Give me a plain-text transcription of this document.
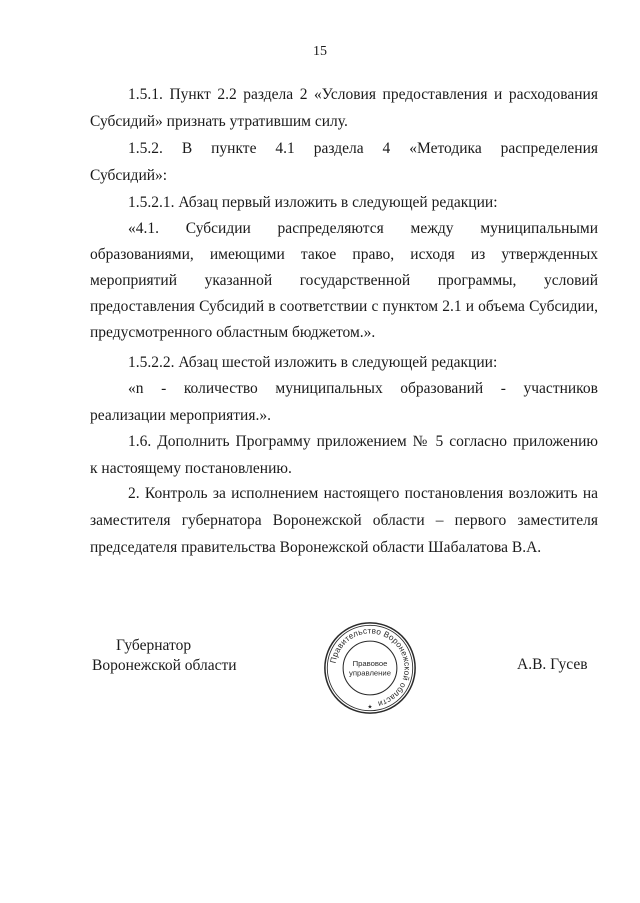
15
1.5.1. Пункт 2.2 раздела 2 «Условия предоставления и расходования
Субсидий» признать утратившим силу.
1.5.2. В пункте 4.1 раздела 4 «Методика распределения
Субсидий»:
1.5.2.1. Абзац первый изложить в следующей редакции:
«4.1. Субсидии распределяются между муниципальными
образованиями, имеющими такое право, исходя из утвержденных
мероприятий указанной государственной программы, условий
предоставления Субсидий в соответствии с пунктом 2.1 и объема Субсидии,
предусмотренного областным бюджетом.».
1.5.2.2. Абзац шестой изложить в следующей редакции:
«n - количество муниципальных образований - участников
реализации мероприятия.».
1.6. Дополнить Программу приложением № 5 согласно приложению
к настоящему постановлению.
2. Контроль за исполнением настоящего постановления возложить на
заместителя губернатора Воронежской области – первого заместителя
председателя правительства Воронежской области Шабалатова В.А.
Губернатор
Воронежской области	Правительство Воронежской области
Правовое
управление
★
А.В. Гусев
